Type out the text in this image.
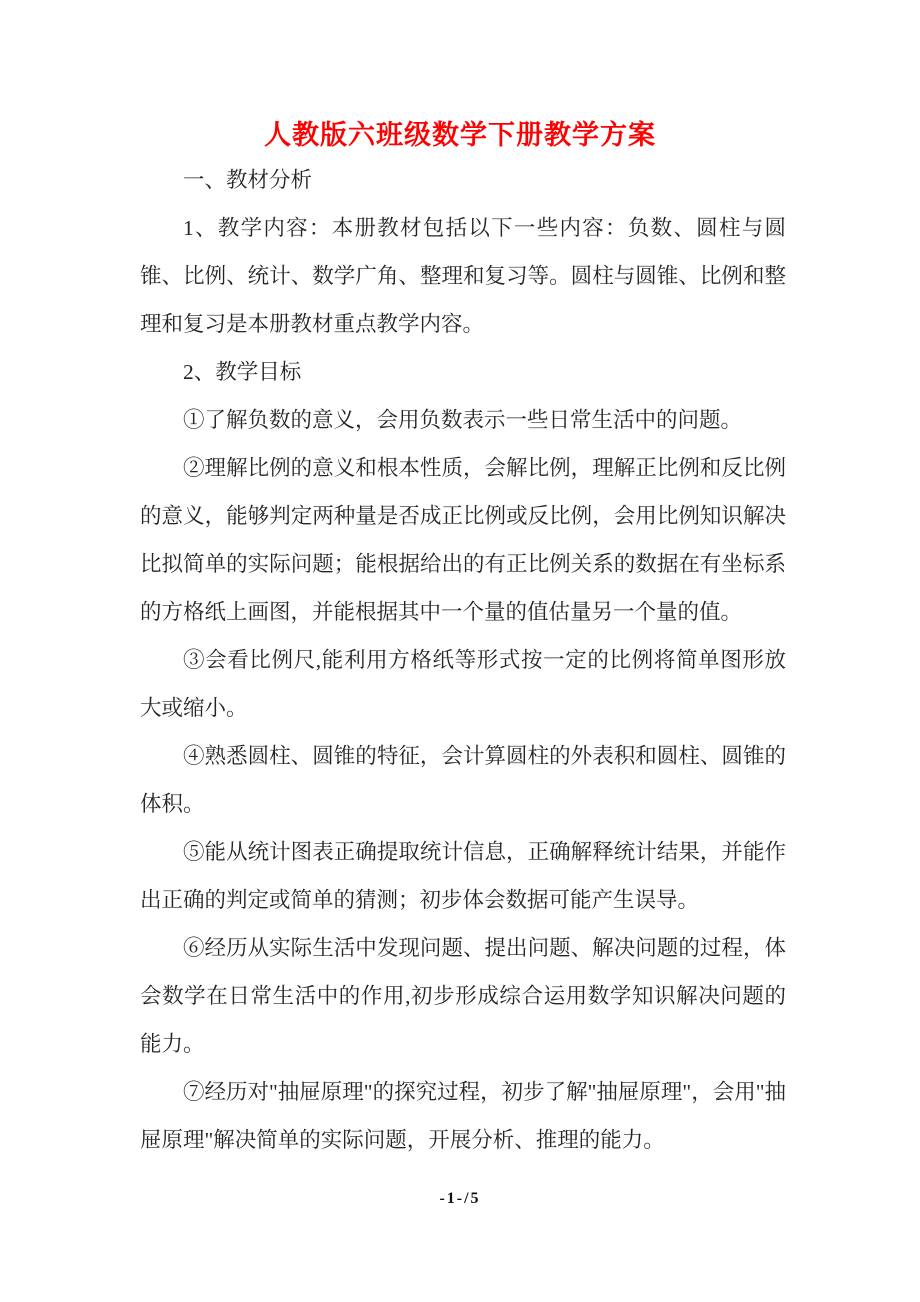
人教版六班级数学下册教学方案

一、教材分析

1、教学内容：本册教材包括以下一些内容：负数、圆柱与圆锥、比例、统计、数学广角、整理和复习等。圆柱与圆锥、比例和整理和复习是本册教材重点教学内容。

2、教学目标

①了解负数的意义，会用负数表示一些日常生活中的问题。

②理解比例的意义和根本性质，会解比例，理解正比例和反比例的意义，能够判定两种量是否成正比例或反比例，会用比例知识解决比拟简单的实际问题；能根据给出的有正比例关系的数据在有坐标系的方格纸上画图，并能根据其中一个量的值估量另一个量的值。

③会看比例尺,能利用方格纸等形式按一定的比例将简单图形放大或缩小。

④熟悉圆柱、圆锥的特征，会计算圆柱的外表积和圆柱、圆锥的体积。

⑤能从统计图表正确提取统计信息，正确解释统计结果，并能作出正确的判定或简单的猜测；初步体会数据可能产生误导。

⑥经历从实际生活中发现问题、提出问题、解决问题的过程，体会数学在日常生活中的作用,初步形成综合运用数学知识解决问题的能力。

⑦经历对"抽屉原理"的探究过程，初步了解"抽屉原理"，会用"抽屉原理"解决简单的实际问题，开展分析、推理的能力。

-1-/5
